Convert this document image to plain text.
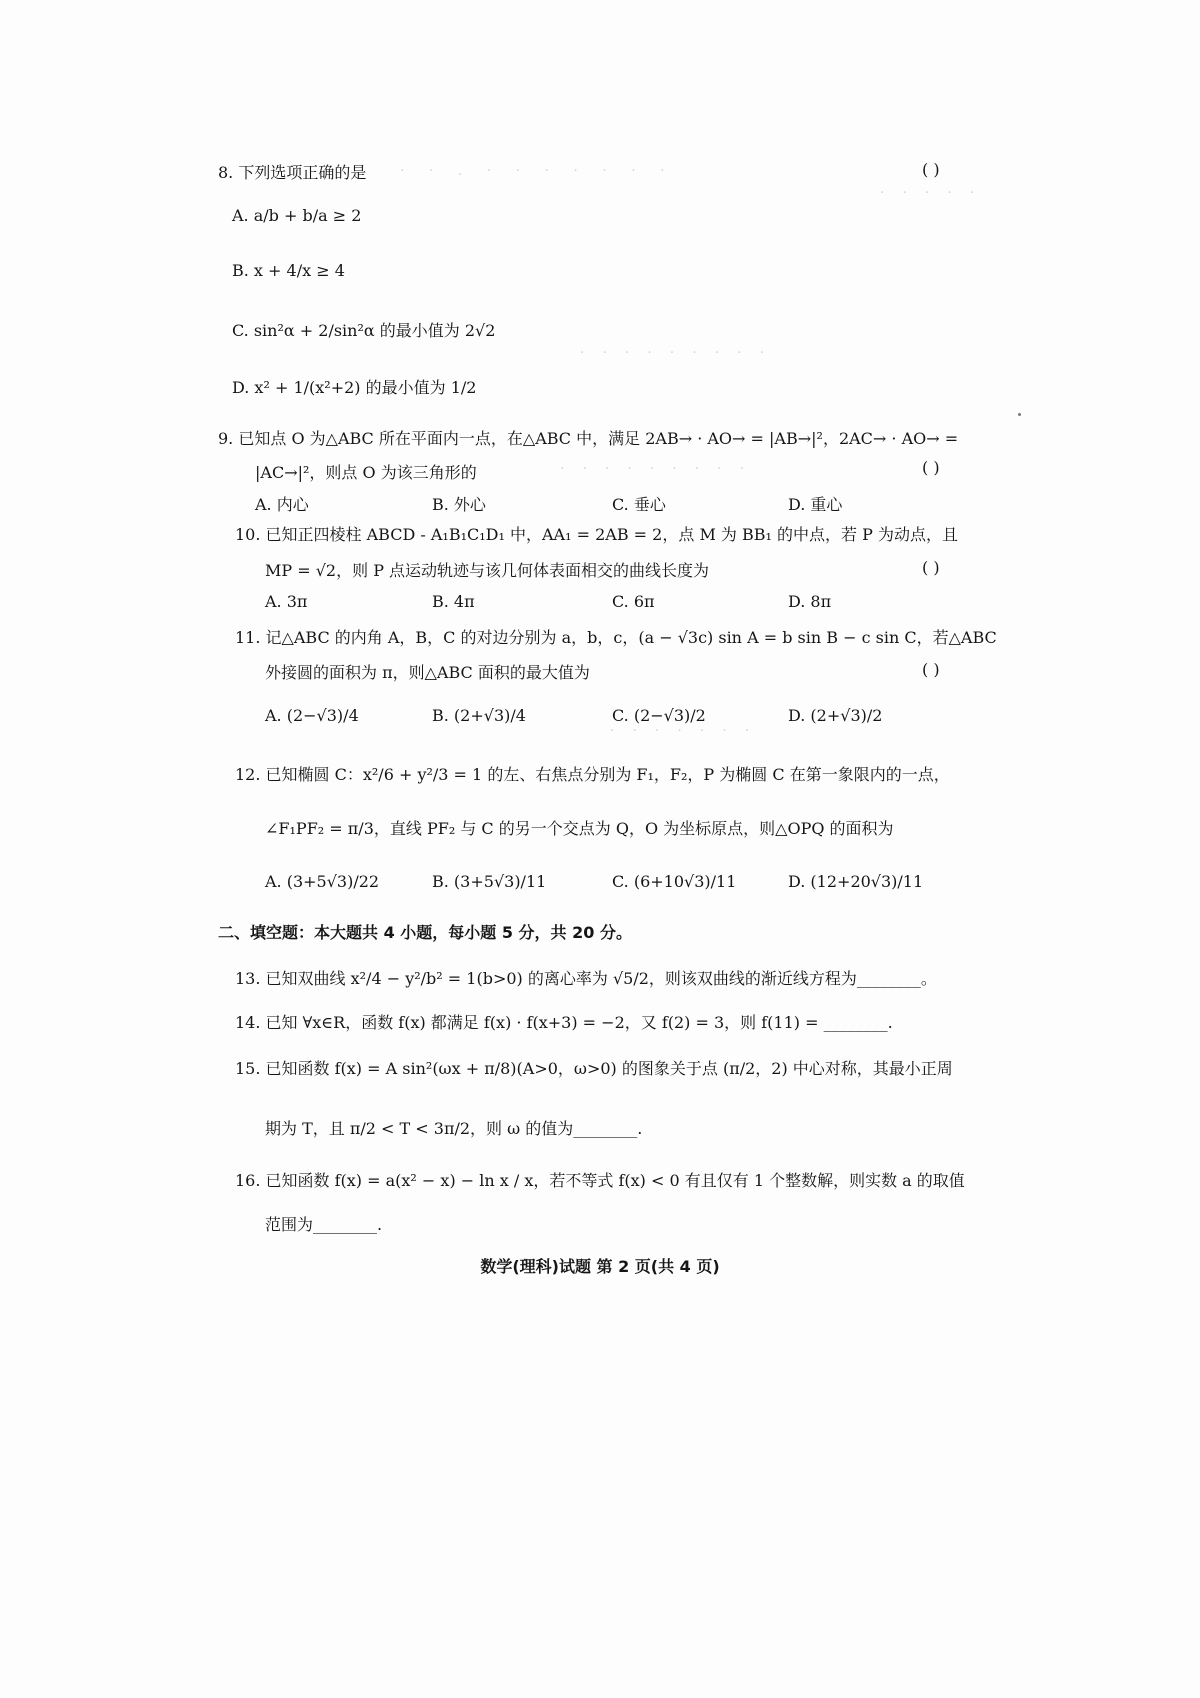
·　 ·　 .　 ·　 ·　 ·　 ·　 ·　 ·　 ·
·　·　·　·　·
·　·　·　·　·　·　·　·　·
·　·　·　·　·　·　·　·　·
·　·　·　·　·　·　·
8. 下列选项正确的是	( )
A. a/b + b/a ≥ 2
B. x + 4/x ≥ 4
C. sin²α + 2/sin²α 的最小值为 2√2
D. x² + 1/(x²+2) 的最小值为 1/2
9. 已知点 O 为△ABC 所在平面内一点，在△ABC 中，满足 2AB→ · AO→ = |AB→|²，2AC→ · AO→ =
|AC→|²，则点 O 为该三角形的	( )
A. 内心	B. 外心	C. 垂心	D. 重心
10. 已知正四棱柱 ABCD - A₁B₁C₁D₁ 中，AA₁ = 2AB = 2，点 M 为 BB₁ 的中点，若 P 为动点，且
MP = √2，则 P 点运动轨迹与该几何体表面相交的曲线长度为	( )
A. 3π	B. 4π	C. 6π	D. 8π
11. 记△ABC 的内角 A，B，C 的对边分别为 a，b，c，(a − √3c) sin A = b sin B − c sin C，若△ABC
外接圆的面积为 π，则△ABC 面积的最大值为	( )
A. (2−√3)/4	B. (2+√3)/4	C. (2−√3)/2	D. (2+√3)/2
12. 已知椭圆 C：x²/6 + y²/3 = 1 的左、右焦点分别为 F₁，F₂，P 为椭圆 C 在第一象限内的一点，
∠F₁PF₂ = π/3，直线 PF₂ 与 C 的另一个交点为 Q，O 为坐标原点，则△OPQ 的面积为
A. (3+5√3)/22	B. (3+5√3)/11	C. (6+10√3)/11	D. (12+20√3)/11
二、填空题：本大题共 4 小题，每小题 5 分，共 20 分。
13. 已知双曲线 x²/4 − y²/b² = 1(b>0) 的离心率为 √5/2，则该双曲线的渐近线方程为________。
14. 已知 ∀x∈R，函数 f(x) 都满足 f(x) · f(x+3) = −2，又 f(2) = 3，则 f(11) = ________.
15. 已知函数 f(x) = A sin²(ωx + π/8)(A>0，ω>0) 的图象关于点 (π/2，2) 中心对称，其最小正周
期为 T，且 π/2 < T < 3π/2，则 ω 的值为________.
16. 已知函数 f(x) = a(x² − x) − ln x / x，若不等式 f(x) < 0 有且仅有 1 个整数解，则实数 a 的取值
范围为________.
数学(理科)试题 第 2 页(共 4 页)
